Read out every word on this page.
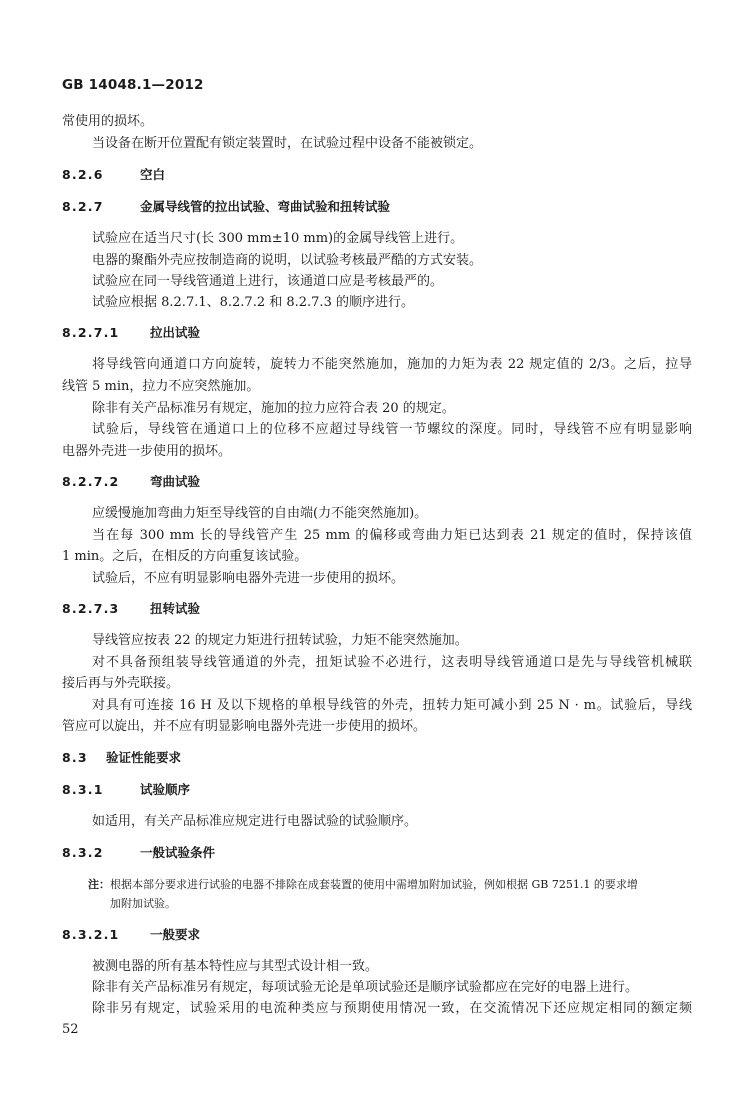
GB 14048.1—2012
常使用的损坏。
当设备在断开位置配有锁定装置时，在试验过程中设备不能被锁定。
8.2.6	空白
8.2.7	金属导线管的拉出试验、弯曲试验和扭转试验
试验应在适当尺寸(长 300 mm±10 mm)的金属导线管上进行。
电器的聚酯外壳应按制造商的说明，以试验考核最严酷的方式安装。
试验应在同一导线管通道上进行，该通道口应是考核最严的。
试验应根据 8.2.7.1、8.2.7.2 和 8.2.7.3 的顺序进行。
8.2.7.1 拉出试验
将导线管向通道口方向旋转，旋转力不能突然施加，施加的力矩为表 22 规定值的 2/3。之后，拉导
线管 5 min，拉力不应突然施加。
除非有关产品标准另有规定，施加的拉力应符合表 20 的规定。
试验后，导线管在通道口上的位移不应超过导线管一节螺纹的深度。同时，导线管不应有明显影响
电器外壳进一步使用的损坏。
8.2.7.2 弯曲试验
应缓慢施加弯曲力矩至导线管的自由端(力不能突然施加)。
当在每 300 mm 长的导线管产生 25 mm 的偏移或弯曲力矩已达到表 21 规定的值时，保持该值
1 min。之后，在相反的方向重复该试验。
试验后，不应有明显影响电器外壳进一步使用的损坏。
8.2.7.3 扭转试验
导线管应按表 22 的规定力矩进行扭转试验，力矩不能突然施加。
对不具备预组装导线管通道的外壳，扭矩试验不必进行，这表明导线管通道口是先与导线管机械联
接后再与外壳联接。
对具有可连接 16 H 及以下规格的单根导线管的外壳，扭转力矩可减小到 25 N · m。试验后，导线
管应可以旋出，并不应有明显影响电器外壳进一步使用的损坏。
8.3 验证性能要求
8.3.1	试验顺序
如适用，有关产品标准应规定进行电器试验的试验顺序。
8.3.2	一般试验条件
注：根据本部分要求进行试验的电器不排除在成套装置的使用中需增加附加试验，例如根据 GB 7251.1 的要求增
加附加试验。
8.3.2.1 一般要求
被测电器的所有基本特性应与其型式设计相一致。
除非有关产品标准另有规定，每项试验无论是单项试验还是顺序试验都应在完好的电器上进行。
除非另有规定，试验采用的电流种类应与预期使用情况一致，在交流情况下还应规定相同的额定频
52
